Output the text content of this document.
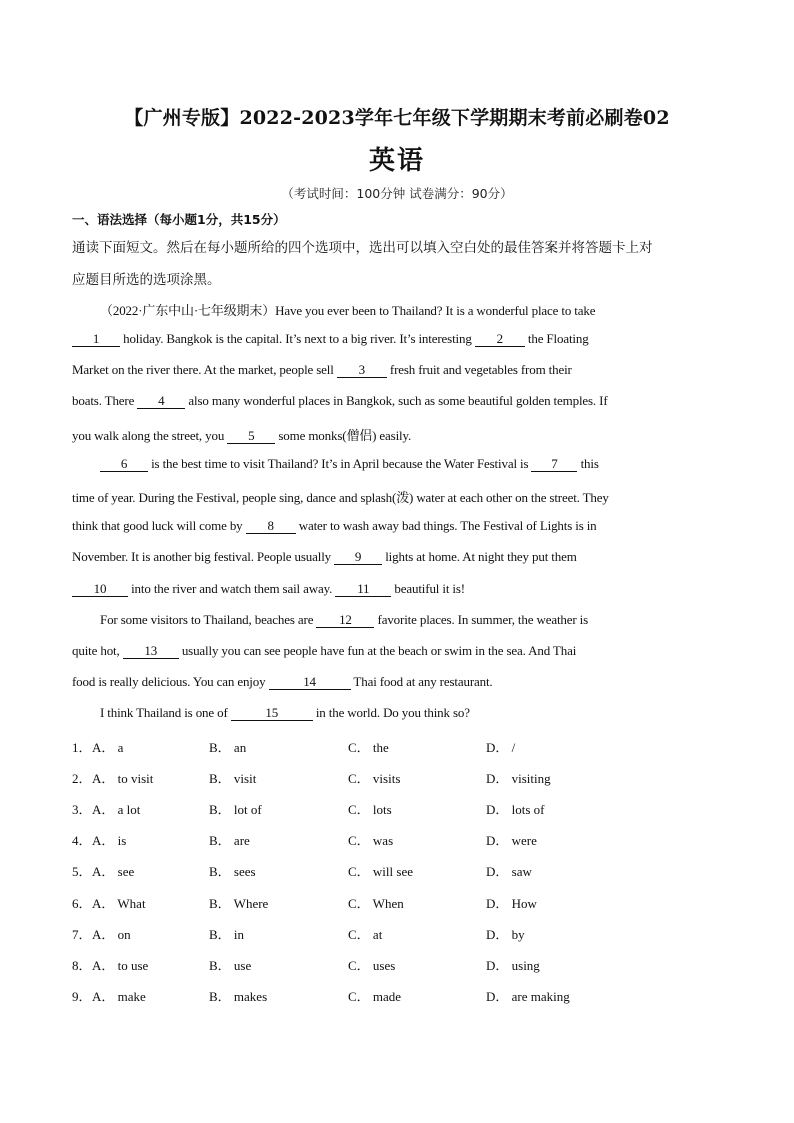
【广州专版】2022-2023学年七年级下学期期末考前必刷卷02
英语
（考试时间：100分钟 试卷满分：90分）
一、语法选择（每小题1分，共15分）
通读下面短文。然后在每小题所给的四个选项中，选出可以填入空白处的最佳答案并将答题卡上对
应题目所选的选项涂黑。
（2022·广东中山·七年级期末）Have you ever been to Thailand? It is a wonderful place to take
1 holiday. Bangkok is the capital. It’s next to a big river. It’s interesting 2 the Floating
Market on the river there. At the market, people sell 3 fresh fruit and vegetables from their
boats. There 4 also many wonderful places in Bangkok, such as some beautiful golden temples. If
you walk along the street, you 5 some monks(僧侣) easily.
6 is the best time to visit Thailand? It’s in April because the Water Festival is 7 this
time of year. During the Festival, people sing, dance and splash(泼) water at each other on the street. They
think that good luck will come by 8 water to wash away bad things. The Festival of Lights is in
November. It is another big festival. People usually 9 lights at home. At night they put them
10 into the river and watch them sail away. 11 beautiful it is!
For some visitors to Thailand, beaches are 12 favorite places. In summer, the weather is
quite hot, 13 usually you can see people have fun at the beach or swim in the sea. And Thai
food is really delicious. You can enjoy	14	Thai food at any restaurant.
I think Thailand is one of	15	in the world. Do you think so?
1． A． a	B． an	C． the	D． /
2． A． to visit	B． visit	C． visits	D． visiting
3． A． a lot	B． lot of	C． lots	D． lots of
4． A． is	B． are	C． was	D． were
5． A． see	B． sees	C． will see	D． saw
6． A． What	B． Where	C． When	D． How
7． A． on	B． in	C． at	D． by
8． A． to use	B． use	C． uses	D． using
9． A． make	B． makes	C． made	D． are making
